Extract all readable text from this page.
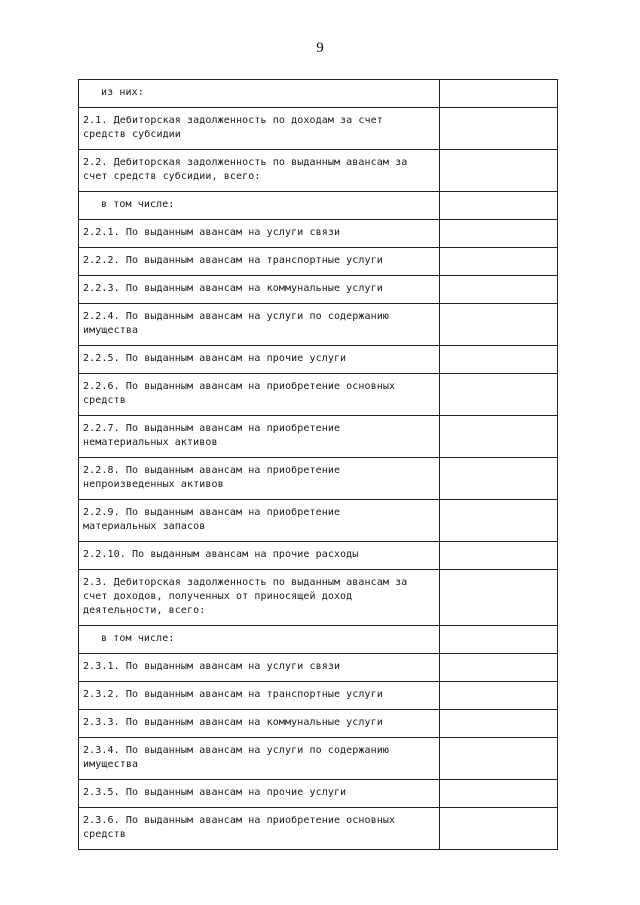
9
из них:
2.1. Дебиторская задолженность по доходам за счет
средств субсидии
2.2. Дебиторская задолженность по выданным авансам за
счет средств субсидии, всего:
в том числе:
2.2.1. По выданным авансам на услуги связи
2.2.2. По выданным авансам на транспортные услуги
2.2.3. По выданным авансам на коммунальные услуги
2.2.4. По выданным авансам на услуги по содержанию
имущества
2.2.5. По выданным авансам на прочие услуги
2.2.6. По выданным авансам на приобретение основных
средств
2.2.7. По выданным авансам на приобретение
нематериальных активов
2.2.8. По выданным авансам на приобретение
непроизведенных активов
2.2.9. По выданным авансам на приобретение
материальных запасов
2.2.10. По выданным авансам на прочие расходы
2.3. Дебиторская задолженность по выданным авансам за
счет доходов, полученных от приносящей доход
деятельности, всего:
в том числе:
2.3.1. По выданным авансам на услуги связи
2.3.2. По выданным авансам на транспортные услуги
2.3.3. По выданным авансам на коммунальные услуги
2.3.4. По выданным авансам на услуги по содержанию
имущества
2.3.5. По выданным авансам на прочие услуги
2.3.6. По выданным авансам на приобретение основных
средств
